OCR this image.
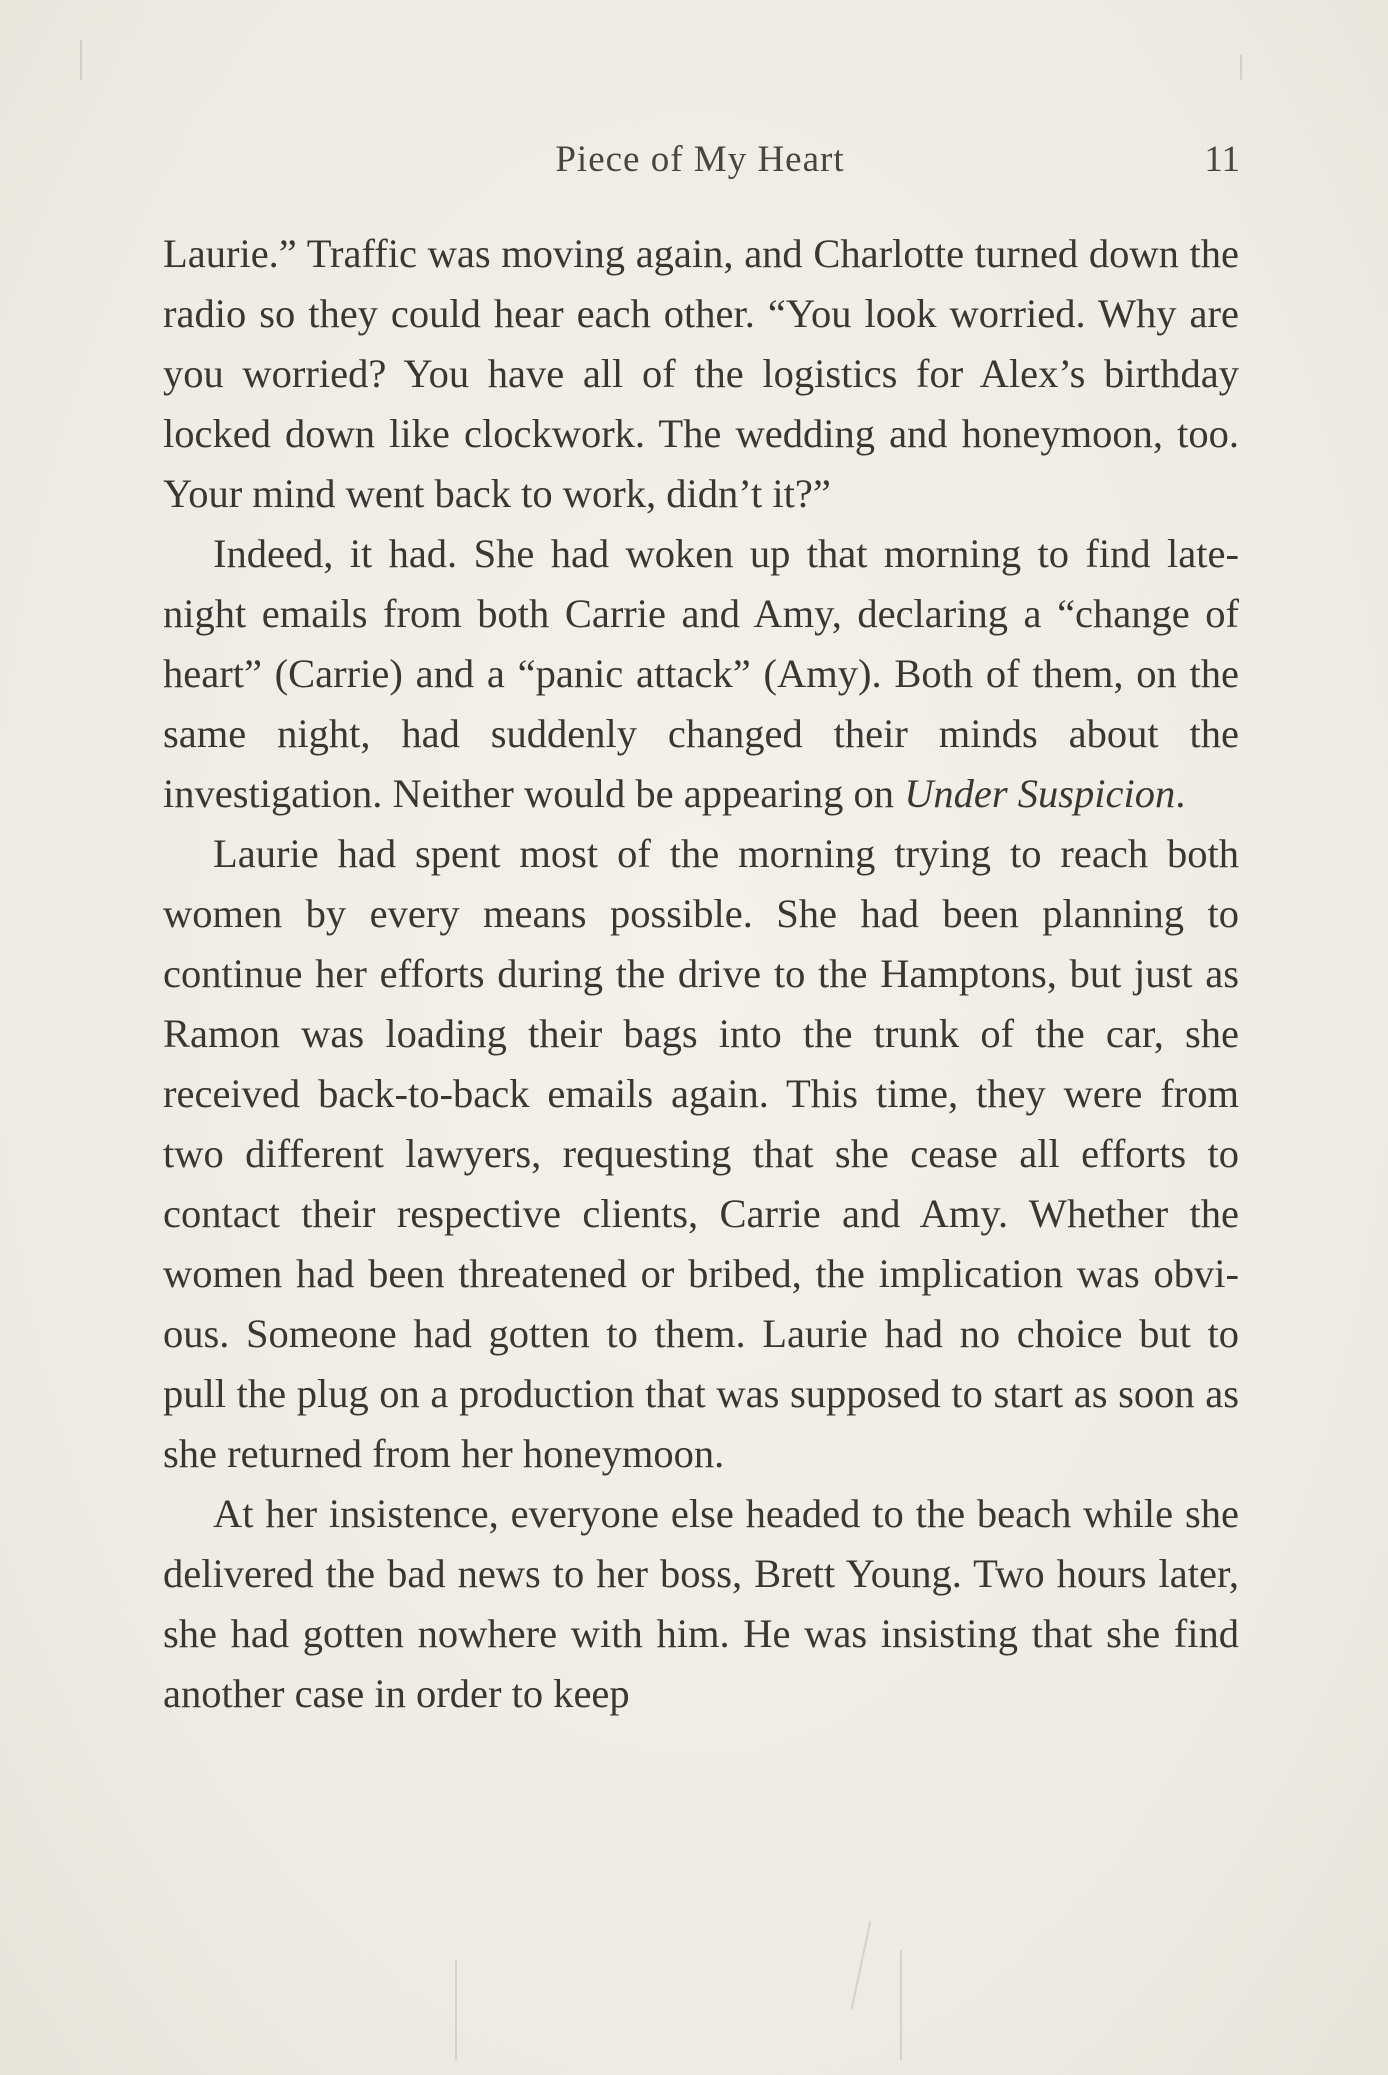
Piece of My Heart	11

Laurie.” Traffic was moving again, and Charlotte turned down the radio so they could hear each other. “You look worried. Why are you worried? You have all of the logistics for Alex’s birthday locked down like clockwork. The wedding and honeymoon, too. Your mind went back to work, didn’t it?”

Indeed, it had. She had woken up that morning to find late-night emails from both Carrie and Amy, declaring a “change of heart” (Carrie) and a “panic attack” (Amy). Both of them, on the same night, had suddenly changed their minds about the investigation. Neither would be appearing on Under Suspicion.

Laurie had spent most of the morning trying to reach both women by every means possible. She had been planning to continue her efforts during the drive to the Hamptons, but just as Ramon was loading their bags into the trunk of the car, she received back-to-back emails again. This time, they were from two different lawyers, requesting that she cease all efforts to contact their respective clients, Carrie and Amy. Whether the women had been threatened or bribed, the implication was obvious. Someone had gotten to them. Laurie had no choice but to pull the plug on a production that was supposed to start as soon as she returned from her honeymoon.

At her insistence, everyone else headed to the beach while she delivered the bad news to her boss, Brett Young. Two hours later, she had gotten nowhere with him. He was insisting that she find another case in order to keep
